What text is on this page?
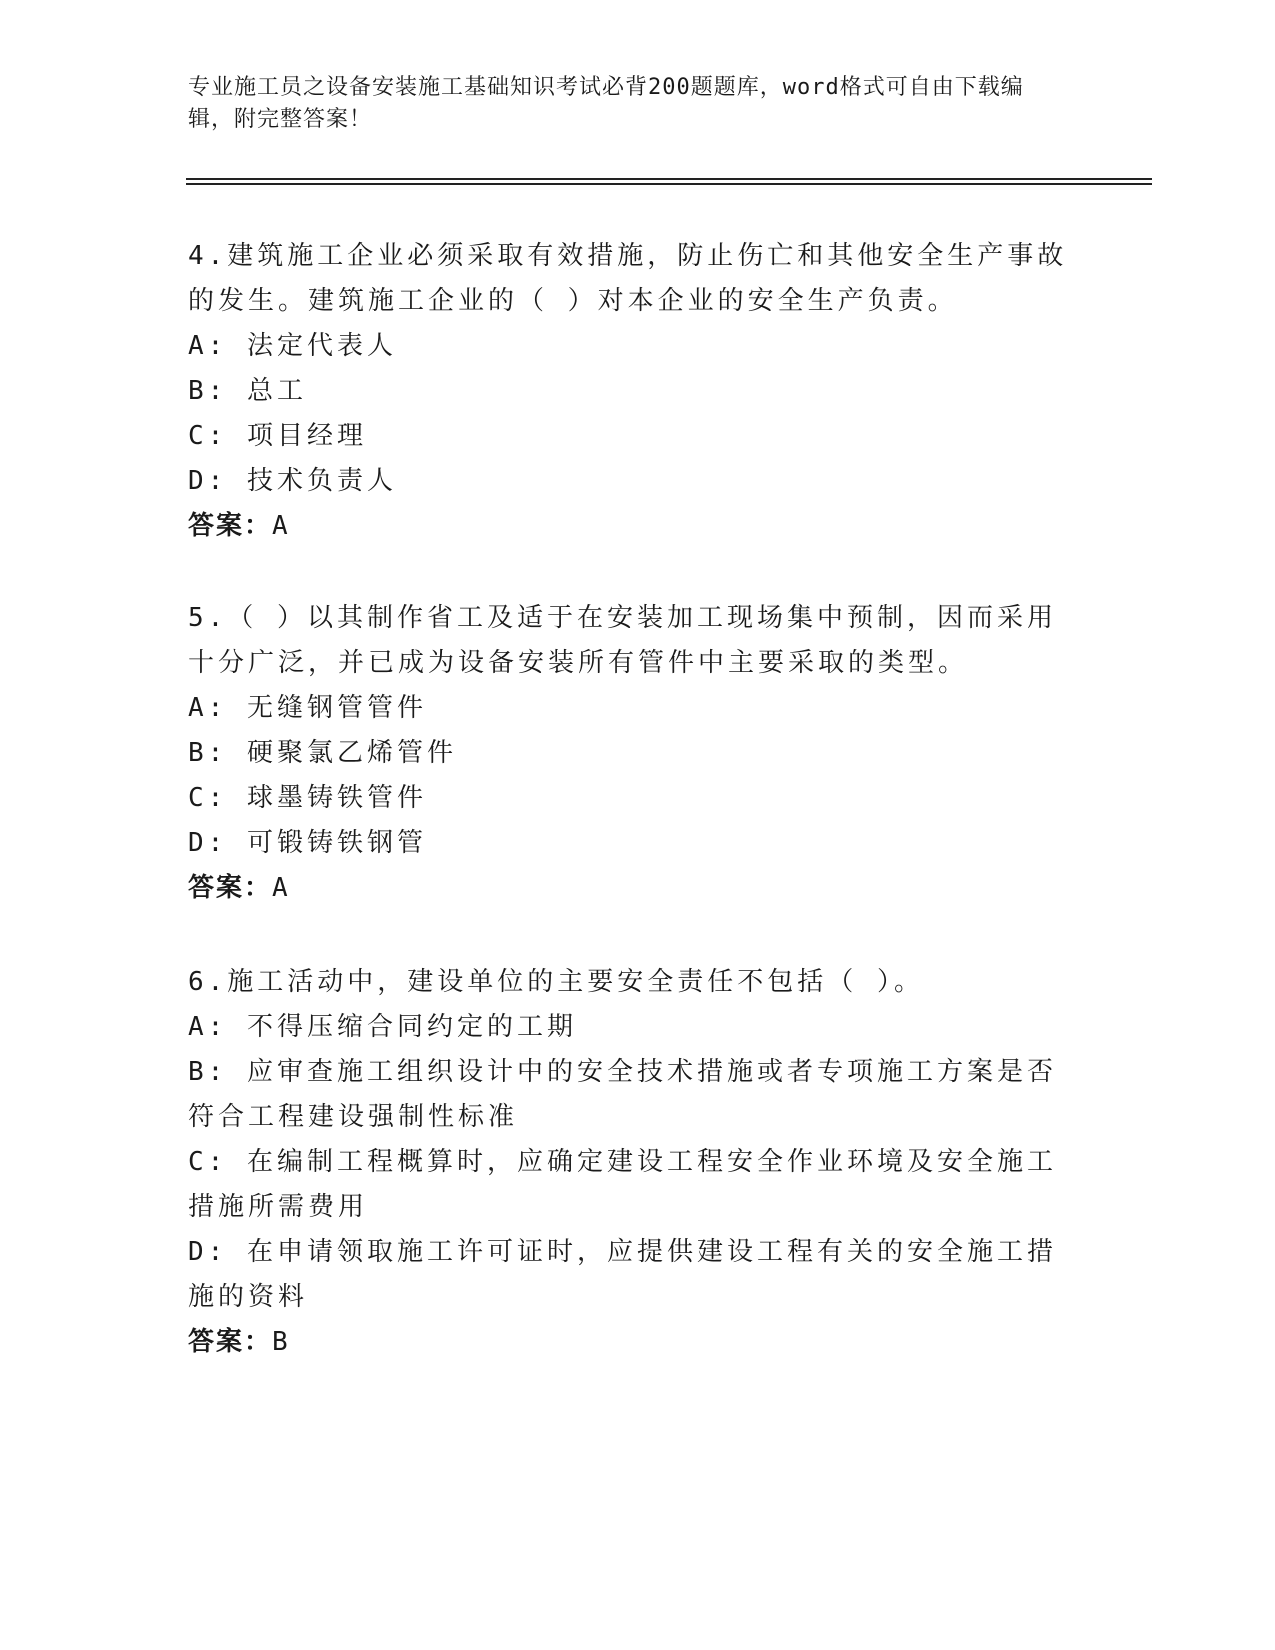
专业施工员之设备安装施工基础知识考试必背200题题库，word格式可自由下载编辑，附完整答案！

4.建筑施工企业必须采取有效措施，防止伤亡和其他安全生产事故的发生。建筑施工企业的（ ）对本企业的安全生产负责。

A: 法定代表人

B: 总工

C: 项目经理

D: 技术负责人

答案：A

5.（ ）以其制作省工及适于在安装加工现场集中预制，因而采用十分广泛，并已成为设备安装所有管件中主要采取的类型。

A: 无缝钢管管件

B: 硬聚氯乙烯管件

C: 球墨铸铁管件

D: 可锻铸铁钢管

答案：A

6.施工活动中，建设单位的主要安全责任不包括（ ）。

A: 不得压缩合同约定的工期

B: 应审查施工组织设计中的安全技术措施或者专项施工方案是否符合工程建设强制性标准

C: 在编制工程概算时，应确定建设工程安全作业环境及安全施工措施所需费用

D: 在申请领取施工许可证时，应提供建设工程有关的安全施工措施的资料

答案：B
